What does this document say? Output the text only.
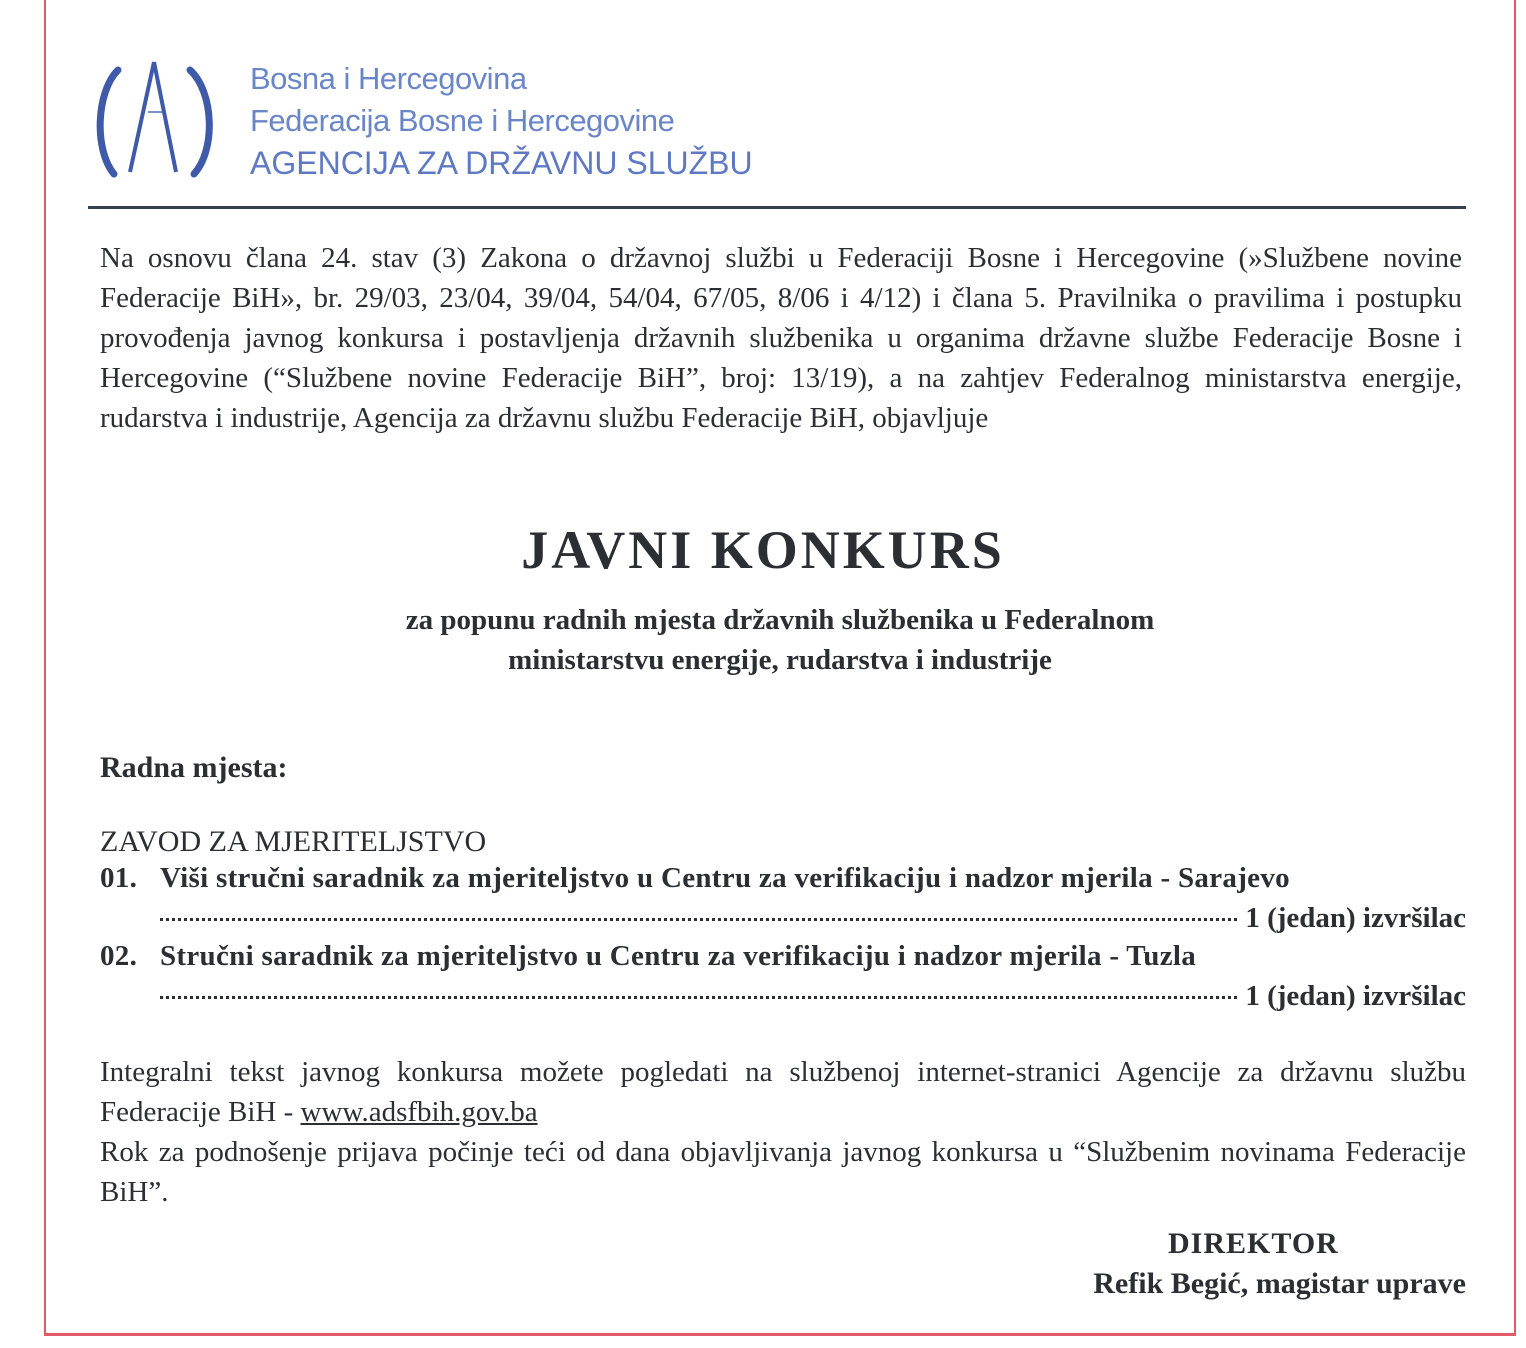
Bosna i Hercegovina
Federacija Bosne i Hercegovine
AGENCIJA ZA DRŽAVNU SLUŽBU

Na osnovu člana 24. stav (3) Zakona o državnoj službi u Federaciji Bosne i Hercegovine (»Službene novine Federacije BiH», br. 29/03, 23/04, 39/04, 54/04, 67/05, 8/06 i 4/12) i člana 5. Pravilnika o pravilima i postupku provođenja javnog konkursa i postavljenja državnih službenika u organima državne službe Federacije Bosne i Hercegovine (“Službene novine Federacije BiH”, broj: 13/19), a na zahtjev Federalnog ministarstva energije, rudarstva i industrije, Agencija za državnu službu Federacije BiH, objavljuje

JAVNI KONKURS
za popunu radnih mjesta državnih službenika u Federalnom
ministarstvu energije, rudarstva i industrije

Radna mjesta:

ZAVOD ZA MJERITELJSTVO

01. Viši stručni saradnik za mjeriteljstvo u Centru za verifikaciju i nadzor mjerila - Sarajevo
1 (jedan) izvršilac
02. Stručni saradnik za mjeriteljstvo u Centru za verifikaciju i nadzor mjerila - Tuzla
1 (jedan) izvršilac
Integralni tekst javnog konkursa možete pogledati na službenoj internet-stranici Agencije za državnu službu Federacije BiH - www.adsfbih.gov.ba
Rok za podnošenje prijava počinje teći od dana objavljivanja javnog konkursa u “Službenim novinama Federacije BiH”.

DIREKTOR

Refik Begić, magistar uprave
